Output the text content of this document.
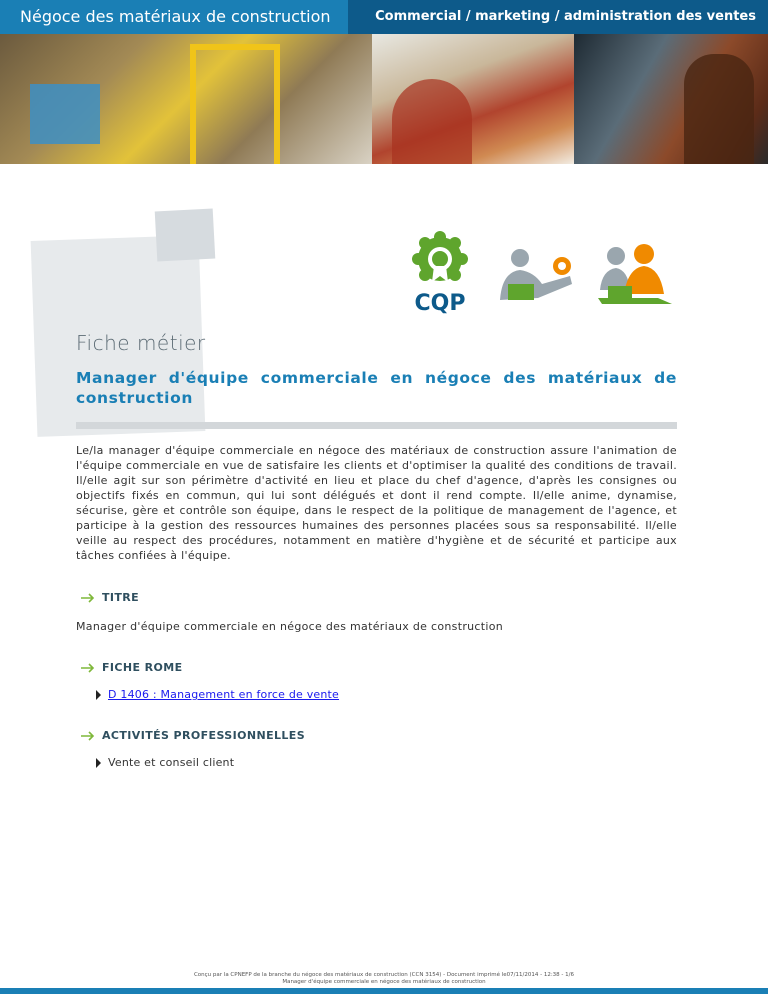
Négoce des matériaux de construction	Commercial / marketing / administration des ventes
CQP
Fiche métier
Manager d'équipe commerciale en négoce des matériaux de construction

Le/la manager d'équipe commerciale en négoce des matériaux de construction assure l'animation de l'équipe commerciale en vue de satisfaire les clients et d'optimiser la qualité des conditions de travail. Il/elle agit sur son périmètre d'activité en lieu et place du chef d'agence, d'après les consignes ou objectifs fixés en commun, qui lui sont délégués et dont il rend compte. Il/elle anime, dynamise, sécurise, gère et contrôle son équipe, dans le respect de la politique de management de l'agence, et participe à la gestion des ressources humaines des personnes placées sous sa responsabilité. Il/elle veille au respect des procédures, notamment en matière d'hygiène et de sécurité et participe aux tâches confiées à l'équipe.

TITRE
Manager d'équipe commerciale en négoce des matériaux de construction
FICHE ROME
D 1406 : Management en force de vente
ACTIVITÉS PROFESSIONNELLES
Vente et conseil client
Conçu par la CPNEFP de la branche du négoce des matériaux de construction (CCN 3154) - Document imprimé le07/11/2014 - 12:38 - 1/6
Manager d'équipe commerciale en négoce des matériaux de construction
